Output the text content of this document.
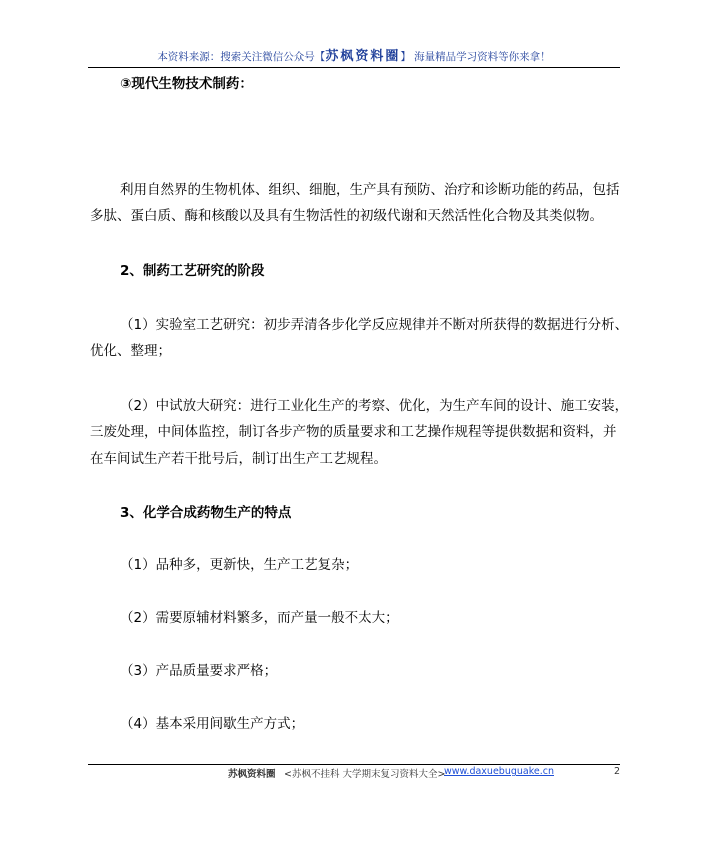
本资料来源：搜索关注微信公众号【苏枫资料圈】 海量精品学习资料等你来拿！
③现代生物技术制药：
利用自然界的生物机体、组织、细胞，生产具有预防、治疗和诊断功能的药品，包括
多肽、蛋白质、酶和核酸以及具有生物活性的初级代谢和天然活性化合物及其类似物。
2、制药工艺研究的阶段
（1）实验室工艺研究：初步弄清各步化学反应规律并不断对所获得的数据进行分析、
优化、整理；
（2）中试放大研究：进行工业化生产的考察、优化，为生产车间的设计、施工安装，
三废处理，中间体监控，制订各步产物的质量要求和工艺操作规程等提供数据和资料，并
在车间试生产若干批号后，制订出生产工艺规程。
3、化学合成药物生产的特点
（1）品种多，更新快，生产工艺复杂；
（2）需要原辅材料繁多，而产量一般不太大；
（3）产品质量要求严格；
（4）基本采用间歇生产方式；
苏枫资料圈 <苏枫不挂科 大学期末复习资料大全>
www.daxuebuguake.cn	2
